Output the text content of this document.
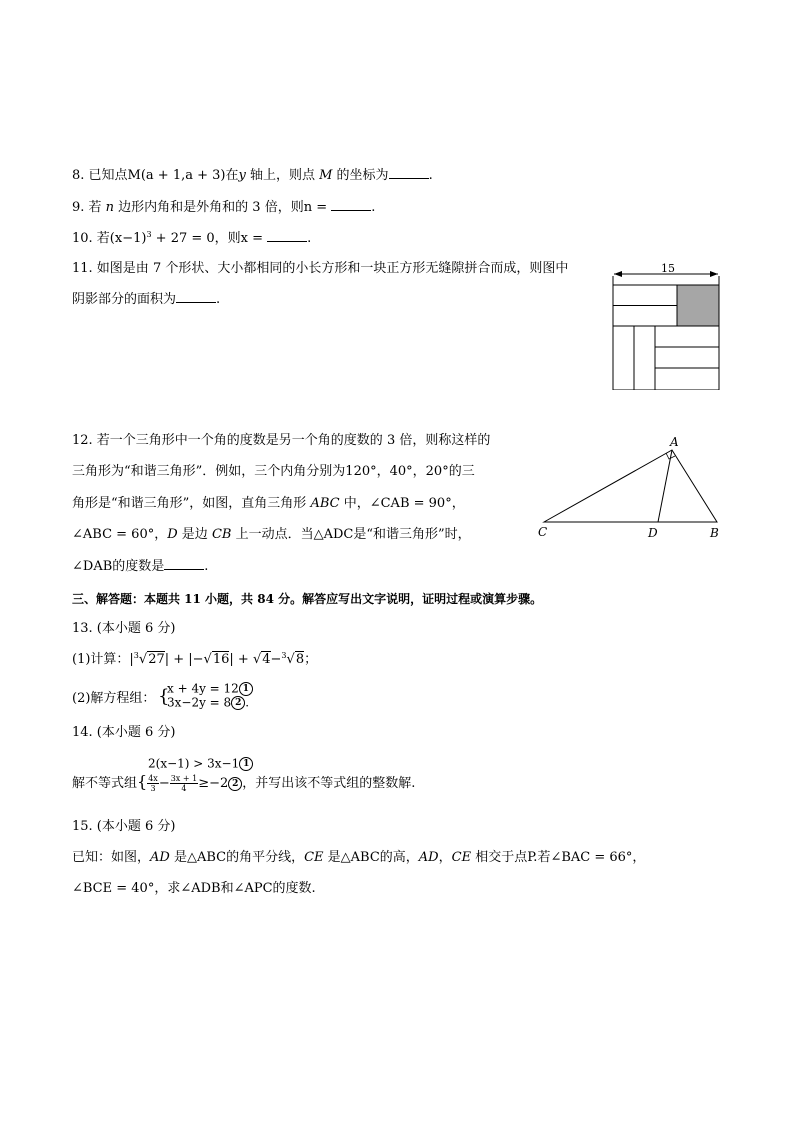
8. 已知点M(a + 1,a + 3)在y 轴上，则点 M 的坐标为	.
9. 若 n 边形内角和是外角和的 3 倍，则n =	.
10. 若$(x-1)^3 + 27 = 0$，则x =	.
11. 如图是由 7 个形状、大小都相同的小长方形和一块正方形无缝隙拼合而成，则图中
阴影部分的面积为	.
15
12. 若一个三角形中一个角的度数是另一个角的度数的 3 倍，则称这样的
三角形为“和谐三角形”．例如，三个内角分别为120°，40°，20°的三
角形是“和谐三角形”，如图，直角三角形 ABC 中，∠CAB = 90°，
∠ABC = 60°，D 是边 CB 上一动点．当△ADC是“和谐三角形”时，
∠DAB的度数是	.
A
B
C	D
三、解答题：本题共 11 小题，共 84 分。解答应写出文字说明，证明过程或演算步骤。
13. (本小题 6 分)
(1)计算：$|^3√27| + |-√16| + √4-^3√8$；
(2)解方程组： {
x + 4y = 12 1
3x−2y = 8 2 .
14. (本小题 6 分)
2(x−1) > 3x−1 1
解不等式组{ $\frac{4x}{3} - \frac{3x + 1}{4} \ge-2$ 2 ，并写出该不等式组的整数解.
15. (本小题 6 分)
已知：如图，AD 是△ABC的角平分线，CE 是△ABC的高，AD，CE 相交于点P.若∠BAC = 66°，
∠BCE = 40°，求∠ADB和∠APC的度数.
